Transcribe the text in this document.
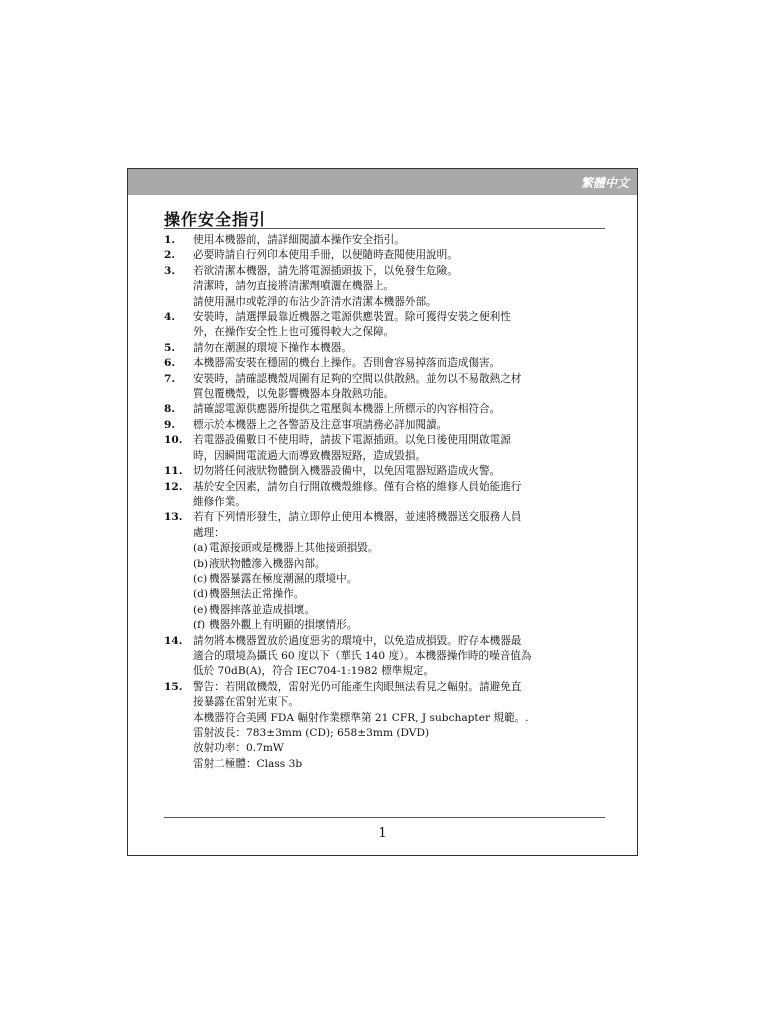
繁體中文
操作安全指引
1.	使用本機器前，請詳細閱讀本操作安全指引。
2.	必要時請自行列印本使用手冊，以便隨時查閱使用說明。
3.	若欲清潔本機器，請先將電源插頭拔下，以免發生危險。
清潔時，請勿直接將清潔劑噴灑在機器上。
請使用濕巾或乾淨的布沾少許清水清潔本機器外部。
4.	安裝時，請選擇最靠近機器之電源供應裝置。除可獲得安裝之便利性
外，在操作安全性上也可獲得較大之保障。
5.	請勿在潮濕的環境下操作本機器。
6.	本機器需安裝在穩固的機台上操作。否則會容易掉落而造成傷害。
7.	安裝時，請確認機殼周圍有足夠的空間以供散熱。並勿以不易散熱之材
質包覆機殼，以免影響機器本身散熱功能。
8.	請確認電源供應器所提供之電壓與本機器上所標示的內容相符合。
9.	標示於本機器上之各警語及注意事項請務必詳加閱讀。
10. 若電器設備數日不使用時，請拔下電源插頭。以免日後使用開啟電源
時，因瞬間電流過大而導致機器短路，造成毀損。
11. 切勿將任何液狀物體倒入機器設備中，以免因電器短路造成火警。
12. 基於安全因素，請勿自行開啟機殼維修。僅有合格的維修人員始能進行
維修作業。
13. 若有下列情形發生，請立即停止使用本機器，並速將機器送交服務人員
處理：
(a) 電源接頭或是機器上其他接頭損毀。
(b) 液狀物體滲入機器內部。
(c) 機器暴露在極度潮濕的環境中。
(d) 機器無法正常操作。
(e) 機器摔落並造成損壞。
(f) 機器外觀上有明顯的損壞情形。
14. 請勿將本機器置放於過度惡劣的環境中，以免造成損毀。貯存本機器最
適合的環境為攝氏 60 度以下（華氏 140 度）。本機器操作時的噪音值為
低於 70dB(A)，符合 IEC704-1:1982 標準規定。
15. 警告：若開啟機殼，雷射光仍可能產生肉眼無法看見之輻射。請避免直
接暴露在雷射光束下。
本機器符合美國 FDA 輻射作業標準第 21 CFR, J subchapter 規範。.
雷射波長：783±3mm (CD); 658±3mm (DVD)
放射功率：0.7mW
雷射二極體：Class 3b
1
